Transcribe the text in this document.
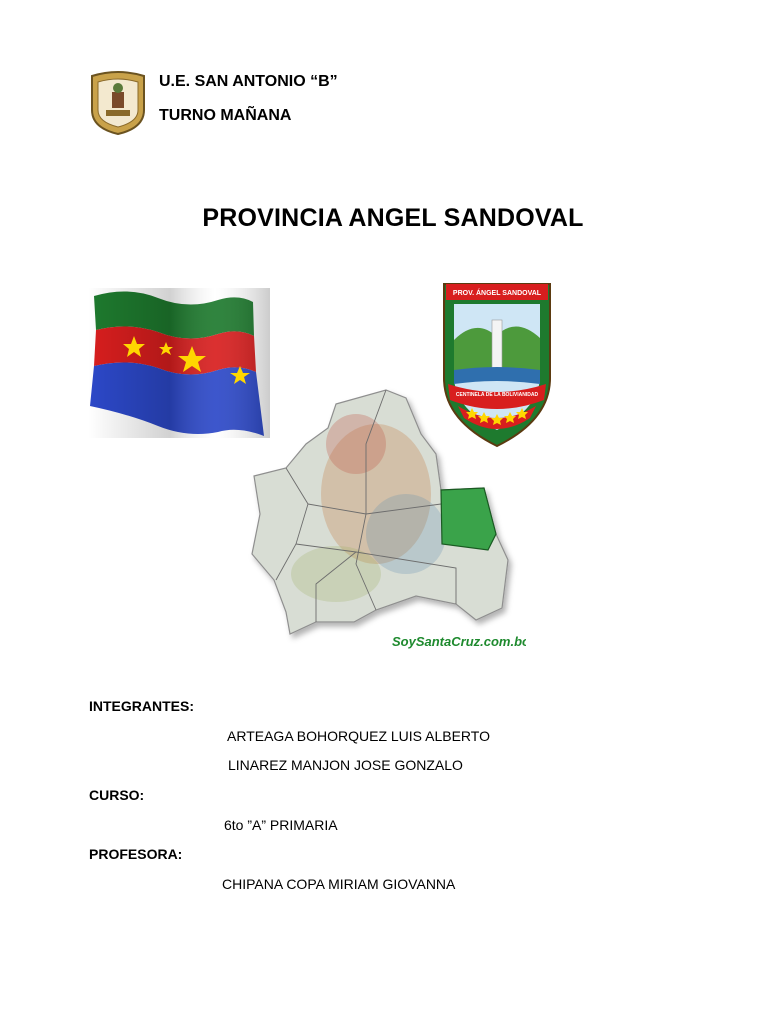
U.E. SAN ANTONIO “B”
TURNO MAÑANA
PROVINCIA ANGEL SANDOVAL
PROV. ÁNGEL SANDOVAL
CENTINELA DE LA BOLIVIANIDAD
SoySantaCruz.com.bo
INTEGRANTES:
ARTEAGA BOHORQUEZ LUIS ALBERTO
LINAREZ MANJON JOSE GONZALO
CURSO:
6to ”A” PRIMARIA
PROFESORA:
CHIPANA COPA MIRIAM GIOVANNA
